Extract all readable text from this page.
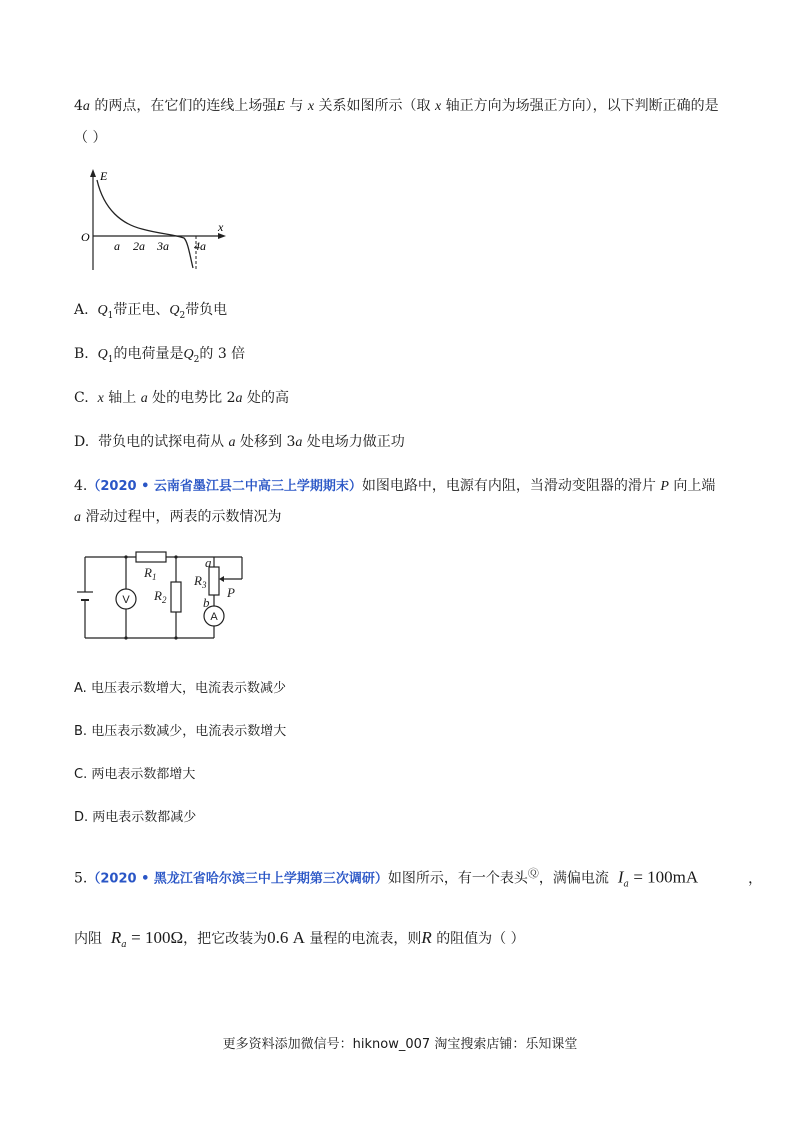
4a 的两点，在它们的连线上场强E 与 x 关系如图所示（取 x 轴正方向为场强正方向），以下判断正确的是
（ ）
E
x
O
a 2a 3a 4a
A. $Q_1$带正电、$Q_2$带负电
B. $Q_1$的电荷量是$Q_2$的 3 倍
C. x 轴上 a 处的电势比 2a 处的高
D. 带负电的试探电荷从 a 处移到 3a 处电场力做正功
4.（2020 • 云南省墨江县二中高三上学期期末）如图电路中，电源有内阻，当滑动变阻器的滑片 P 向上端
a 滑动过程中，两表的示数情况为
$R_1$
$R_2$
$R_3$
a
b
P
V
A
A. 电压表示数增大，电流表示数减少
B. 电压表示数减少，电流表示数增大
C. 两电表示数都增大
D. 两电表示数都减少
5.（2020 • 黑龙江省哈尔滨三中上学期第三次调研）如图所示，有一个表头Ⓠ，满偏电流 $I_a = 100mA$	，
内阻 $R_a = 100\Omega$，把它改装为0.6 A 量程的电流表，则R 的阻值为（ ）
更多资料添加微信号：hiknow_007 淘宝搜索店铺：乐知课堂
